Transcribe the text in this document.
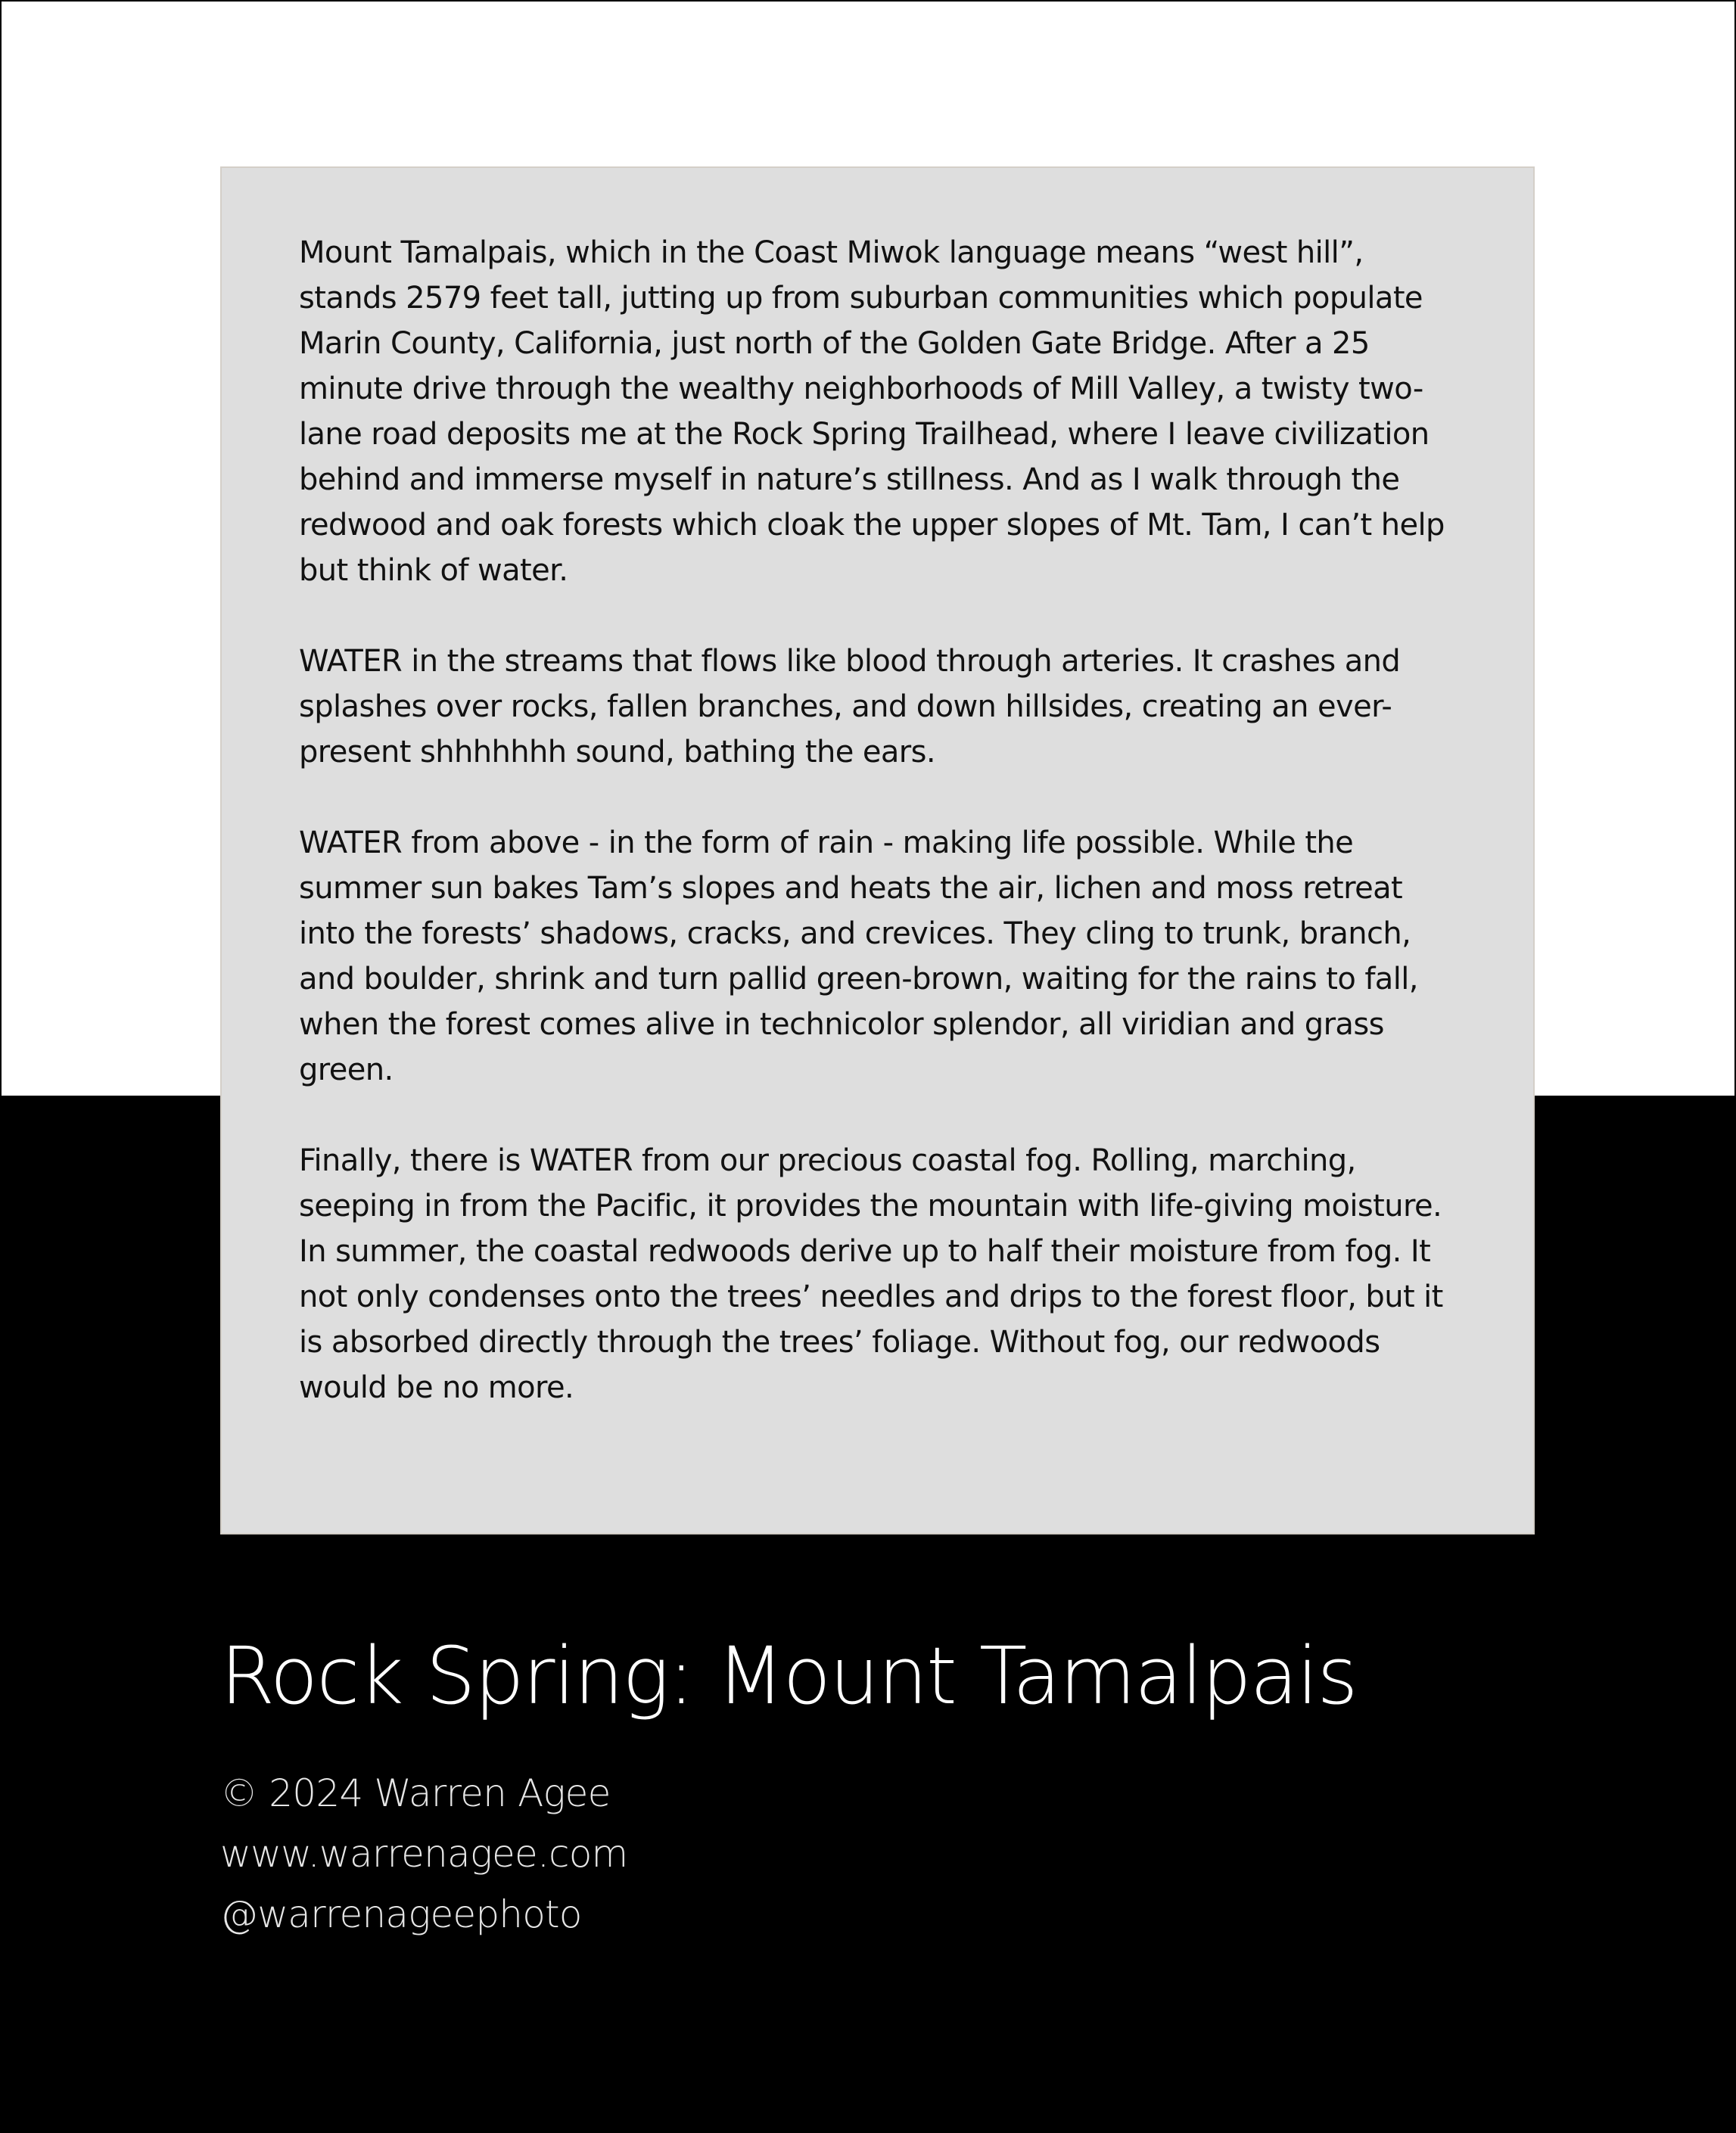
Mount Tamalpais, which in the Coast Miwok language means “west hill”, stands 2579 feet tall, jutting up from suburban communities which populate Marin County, California, just north of the Golden Gate Bridge. After a 25 minute drive through the wealthy neighborhoods of Mill Valley, a twisty two-lane road deposits me at the Rock Spring Trailhead, where I leave civilization behind and immerse myself in nature’s stillness. And as I walk through the redwood and oak forests which cloak the upper slopes of Mt. Tam, I can’t help but think of water.

WATER in the streams that flows like blood through arteries. It crashes and splashes over rocks, fallen branches, and down hillsides, creating an ever-present shhhhhhh sound, bathing the ears.

WATER from above - in the form of rain - making life possible. While the summer sun bakes Tam’s slopes and heats the air, lichen and moss retreat into the forests’ shadows, cracks, and crevices. They cling to trunk, branch, and boulder, shrink and turn pallid green-brown, waiting for the rains to fall, when the forest comes alive in technicolor splendor, all viridian and grass green.

Finally, there is WATER from our precious coastal fog. Rolling, marching, seeping in from the Pacific, it provides the mountain with life-giving moisture. In summer, the coastal redwoods derive up to half their moisture from fog. It not only condenses onto the trees’ needles and drips to the forest floor, but it is absorbed directly through the trees’ foliage. Without fog, our redwoods would be no more.

Rock Spring: Mount Tamalpais
© 2024 Warren Agee
www.warrenagee.com
@warrenageephoto
